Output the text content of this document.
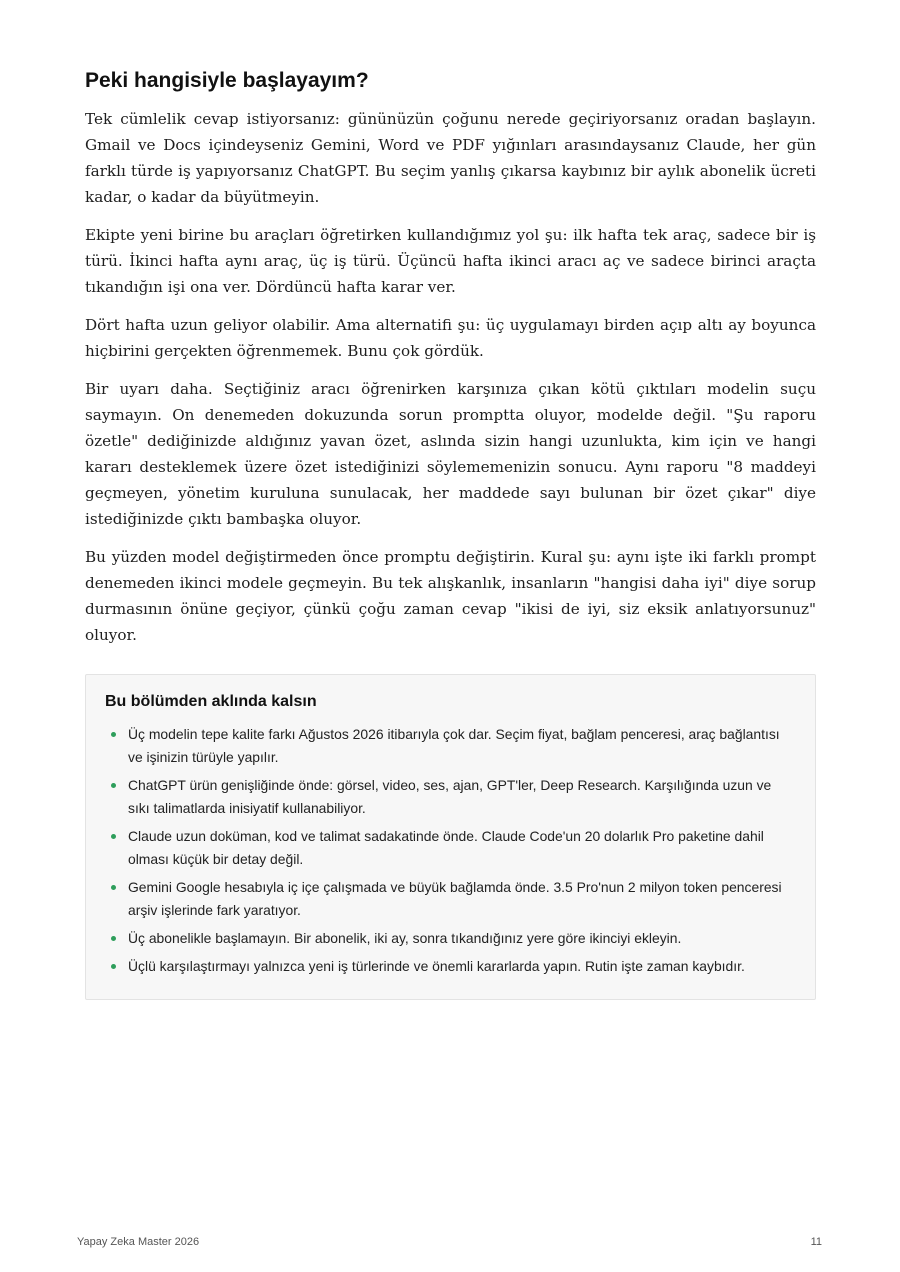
Peki hangisiyle başlayayım?

Tek cümlelik cevap istiyorsanız: gününüzün çoğunu nerede geçiriyorsanız oradan başlayın. Gmail ve Docs içindeyseniz Gemini, Word ve PDF yığınları arasındaysanız Claude, her gün farklı türde iş yapıyorsanız ChatGPT. Bu seçim yanlış çıkarsa kaybınız bir aylık abonelik ücreti kadar, o kadar da büyütmeyin.

Ekipte yeni birine bu araçları öğretirken kullandığımız yol şu: ilk hafta tek araç, sadece bir iş türü. İkinci hafta aynı araç, üç iş türü. Üçüncü hafta ikinci aracı aç ve sadece birinci araçta tıkandığın işi ona ver. Dördüncü hafta karar ver.

Dört hafta uzun geliyor olabilir. Ama alternatifi şu: üç uygulamayı birden açıp altı ay boyunca hiçbirini gerçekten öğrenmemek. Bunu çok gördük.

Bir uyarı daha. Seçtiğiniz aracı öğrenirken karşınıza çıkan kötü çıktıları modelin suçu saymayın. On denemeden dokuzunda sorun promptta oluyor, modelde değil. "Şu raporu özetle" dediğinizde aldığınız yavan özet, aslında sizin hangi uzunlukta, kim için ve hangi kararı desteklemek üzere özet istediğinizi söylememenizin sonucu. Aynı raporu "8 maddeyi geçmeyen, yönetim kuruluna sunulacak, her maddede sayı bulunan bir özet çıkar" diye istediğinizde çıktı bambaşka oluyor.

Bu yüzden model değiştirmeden önce promptu değiştirin. Kural şu: aynı işte iki farklı prompt denemeden ikinci modele geçmeyin. Bu tek alışkanlık, insanların "hangisi daha iyi" diye sorup durmasının önüne geçiyor, çünkü çoğu zaman cevap "ikisi de iyi, siz eksik anlatıyorsunuz" oluyor.

Bu bölümden aklında kalsın
Üç modelin tepe kalite farkı Ağustos 2026 itibarıyla çok dar. Seçim fiyat, bağlam penceresi, araç bağlantısı ve işinizin türüyle yapılır.
ChatGPT ürün genişliğinde önde: görsel, video, ses, ajan, GPT'ler, Deep Research. Karşılığında uzun ve sıkı talimatlarda inisiyatif kullanabiliyor.
Claude uzun doküman, kod ve talimat sadakatinde önde. Claude Code'un 20 dolarlık Pro paketine dahil olması küçük bir detay değil.
Gemini Google hesabıyla iç içe çalışmada ve büyük bağlamda önde. 3.5 Pro'nun 2 milyon token penceresi arşiv işlerinde fark yaratıyor.
Üç abonelikle başlamayın. Bir abonelik, iki ay, sonra tıkandığınız yere göre ikinciyi ekleyin.
Üçlü karşılaştırmayı yalnızca yeni iş türlerinde ve önemli kararlarda yapın. Rutin işte zaman kaybıdır.
Yapay Zeka Master 2026	11
